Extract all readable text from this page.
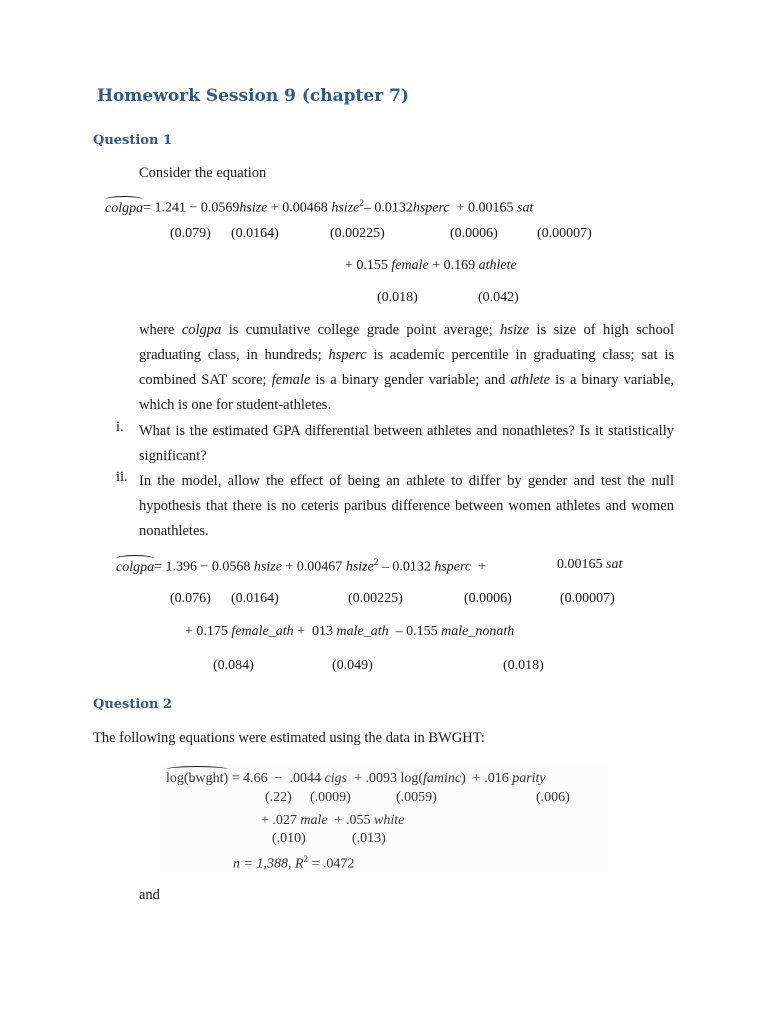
Homework Session 9 (chapter 7)
Question 1
Consider the equation
colgpa= 1.241 − 0.0569hsize + 0.00468 hsize$^2$– 0.0132hsperc  + 0.00165 sat
(0.079) (0.0164)	(0.00225)	(0.0006)	(0.00007)
+ 0.155 female + 0.169 athlete
(0.018)	(0.042)
where colgpa is cumulative college grade point average; hsize is size of high school graduating class, in hundreds; hsperc is academic percentile in graduating class; sat is combined SAT score; female is a binary gender variable; and athlete is a binary variable, which is one for student-athletes.
i. What is the estimated GPA differential between athletes and nonathletes? Is it statistically significant?
ii. In the model, allow the effect of being an athlete to differ by gender and test the null hypothesis that there is no ceteris paribus difference between women athletes and women nonathletes.
colgpa= 1.396 − 0.0568 hsize + 0.00467 hsize$^2$ – 0.0132 hsperc  +	0.00165 sat
(0.076) (0.0164)	(0.00225)	(0.0006)	(0.00007)
+ 0.175 female_ath +  013 male_ath  – 0.155 male_nonath
(0.084)	(0.049)	(0.018)
Question 2
The following equations were estimated using the data in BWGHT:
log(bwght) = 4.66  −  .0044 cigs  + .0093 log(faminc)  + .016 parity
(.22) (.0009)	(.0059)	(.006)
+ .027 male  + .055 white
(.010)	(.013)
n = 1,388, $R^2 = .0472$
and
